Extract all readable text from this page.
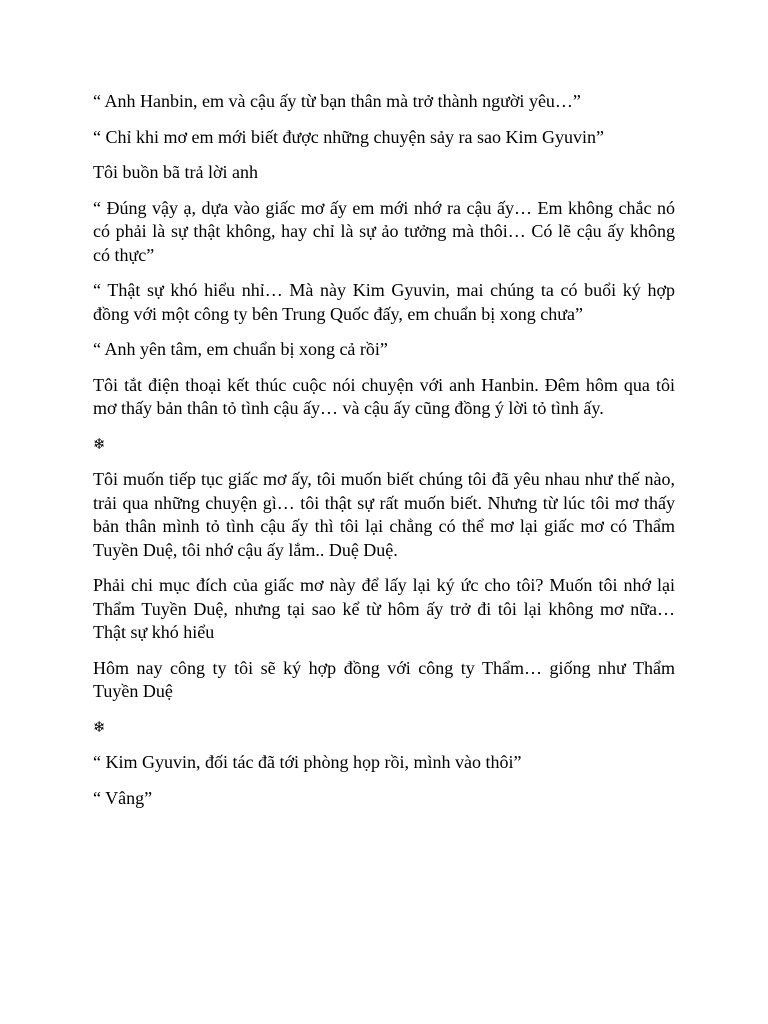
“ Anh Hanbin, em và cậu ấy từ bạn thân mà trở thành người yêu…”

“ Chỉ khi mơ em mới biết được những chuyện sảy ra sao Kim Gyuvin”

Tôi buồn bã trả lời anh

“ Đúng vậy ạ, dựa vào giấc mơ ấy em mới nhớ ra cậu ấy… Em không chắc nó có phải là sự thật không, hay chỉ là sự ảo tưởng mà thôi… Có lẽ cậu ấy không có thực”

“ Thật sự khó hiểu nhỉ… Mà này Kim Gyuvin, mai chúng ta có buổi ký hợp đồng với một công ty bên Trung Quốc đấy, em chuẩn bị xong chưa”

“ Anh yên tâm, em chuẩn bị xong cả rồi”

Tôi tắt điện thoại kết thúc cuộc nói chuyện với anh Hanbin. Đêm hôm qua tôi mơ thấy bản thân tỏ tình cậu ấy… và cậu ấy cũng đồng ý lời tỏ tình ấy.

❄

Tôi muốn tiếp tục giấc mơ ấy, tôi muốn biết chúng tôi đã yêu nhau như thế nào, trải qua những chuyện gì… tôi thật sự rất muốn biết. Nhưng từ lúc tôi mơ thấy bản thân mình tỏ tình cậu ấy thì tôi lại chẳng có thể mơ lại giấc mơ có Thẩm Tuyền Duệ, tôi nhớ cậu ấy lắm.. Duệ Duệ.

Phải chi mục đích của giấc mơ này để lấy lại ký ức cho tôi? Muốn tôi nhớ lại Thẩm Tuyền Duệ, nhưng tại sao kể từ hôm ấy trở đi tôi lại không mơ nữa… Thật sự khó hiểu

Hôm nay công ty tôi sẽ ký hợp đồng với công ty Thẩm… giống như Thẩm Tuyền Duệ

❄

“ Kim Gyuvin, đối tác đã tới phòng họp rồi, mình vào thôi”

“ Vâng”
